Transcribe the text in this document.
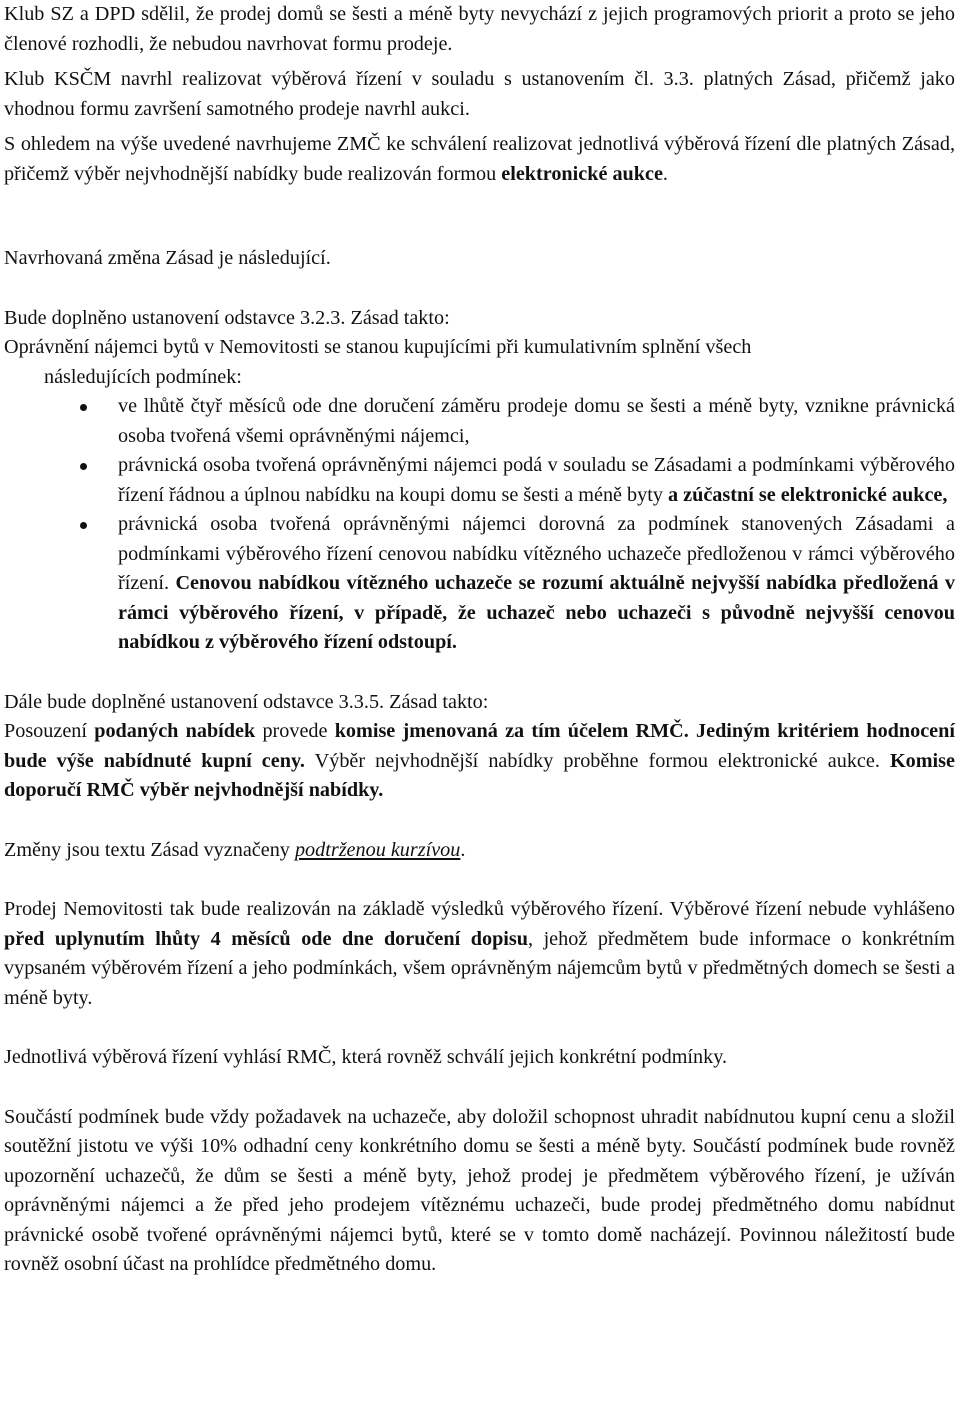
Klub SZ a DPD sdělil, že prodej domů se šesti a méně byty nevychází z jejich programových priorit a proto se jeho členové rozhodli, že nebudou navrhovat formu prodeje.

Klub KSČM navrhl realizovat výběrová řízení v souladu s ustanovením čl. 3.3. platných Zásad, přičemž jako vhodnou formu završení samotného prodeje navrhl aukci.

S ohledem na výše uvedené navrhujeme ZMČ ke schválení realizovat jednotlivá výběrová řízení dle platných Zásad, přičemž výběr nejvhodnější nabídky bude realizován formou elektronické aukce.

Navrhovaná změna Zásad je následující.

Bude doplněno ustanovení odstavce 3.2.3. Zásad takto:

Oprávnění nájemci bytů v Nemovitosti se stanou kupujícími při kumulativním splnění všech

následujících podmínek:

ve lhůtě čtyř měsíců ode dne doručení záměru prodeje domu se šesti a méně byty, vznikne právnická osoba tvořená všemi oprávněnými nájemci,
právnická osoba tvořená oprávněnými nájemci podá v souladu se Zásadami a podmínkami výběrového řízení řádnou a úplnou nabídku na koupi domu se šesti a méně byty a zúčastní se elektronické aukce,
právnická osoba tvořená oprávněnými nájemci dorovná za podmínek stanovených Zásadami a podmínkami výběrového řízení cenovou nabídku vítězného uchazeče předloženou v rámci výběrového řízení. Cenovou nabídkou vítězného uchazeče se rozumí aktuálně nejvyšší nabídka předložená v rámci výběrového řízení, v případě, že uchazeč nebo uchazeči s původně nejvyšší cenovou nabídkou z výběrového řízení odstoupí.

Dále bude doplněné ustanovení odstavce 3.3.5. Zásad takto:

Posouzení podaných nabídek provede komise jmenovaná za tím účelem RMČ. Jediným kritériem hodnocení bude výše nabídnuté kupní ceny. Výběr nejvhodnější nabídky proběhne formou elektronické aukce. Komise doporučí RMČ výběr nejvhodnější nabídky.

Změny jsou textu Zásad vyznačeny podtrženou kurzívou.

Prodej Nemovitosti tak bude realizován na základě výsledků výběrového řízení. Výběrové řízení nebude vyhlášeno před uplynutím lhůty 4 měsíců ode dne doručení dopisu, jehož předmětem bude informace o konkrétním vypsaném výběrovém řízení a jeho podmínkách, všem oprávněným nájemcům bytů v předmětných domech se šesti a méně byty.

Jednotlivá výběrová řízení vyhlásí RMČ, která rovněž schválí jejich konkrétní podmínky.

Součástí podmínek bude vždy požadavek na uchazeče, aby doložil schopnost uhradit nabídnutou kupní cenu a složil soutěžní jistotu ve výši 10% odhadní ceny konkrétního domu se šesti a méně byty. Součástí podmínek bude rovněž upozornění uchazečů, že dům se šesti a méně byty, jehož prodej je předmětem výběrového řízení, je užíván oprávněnými nájemci a že před jeho prodejem vítěznému uchazeči, bude prodej předmětného domu nabídnut právnické osobě tvořené oprávněnými nájemci bytů, které se v tomto domě nacházejí. Povinnou náležitostí bude rovněž osobní účast na prohlídce předmětného domu.
